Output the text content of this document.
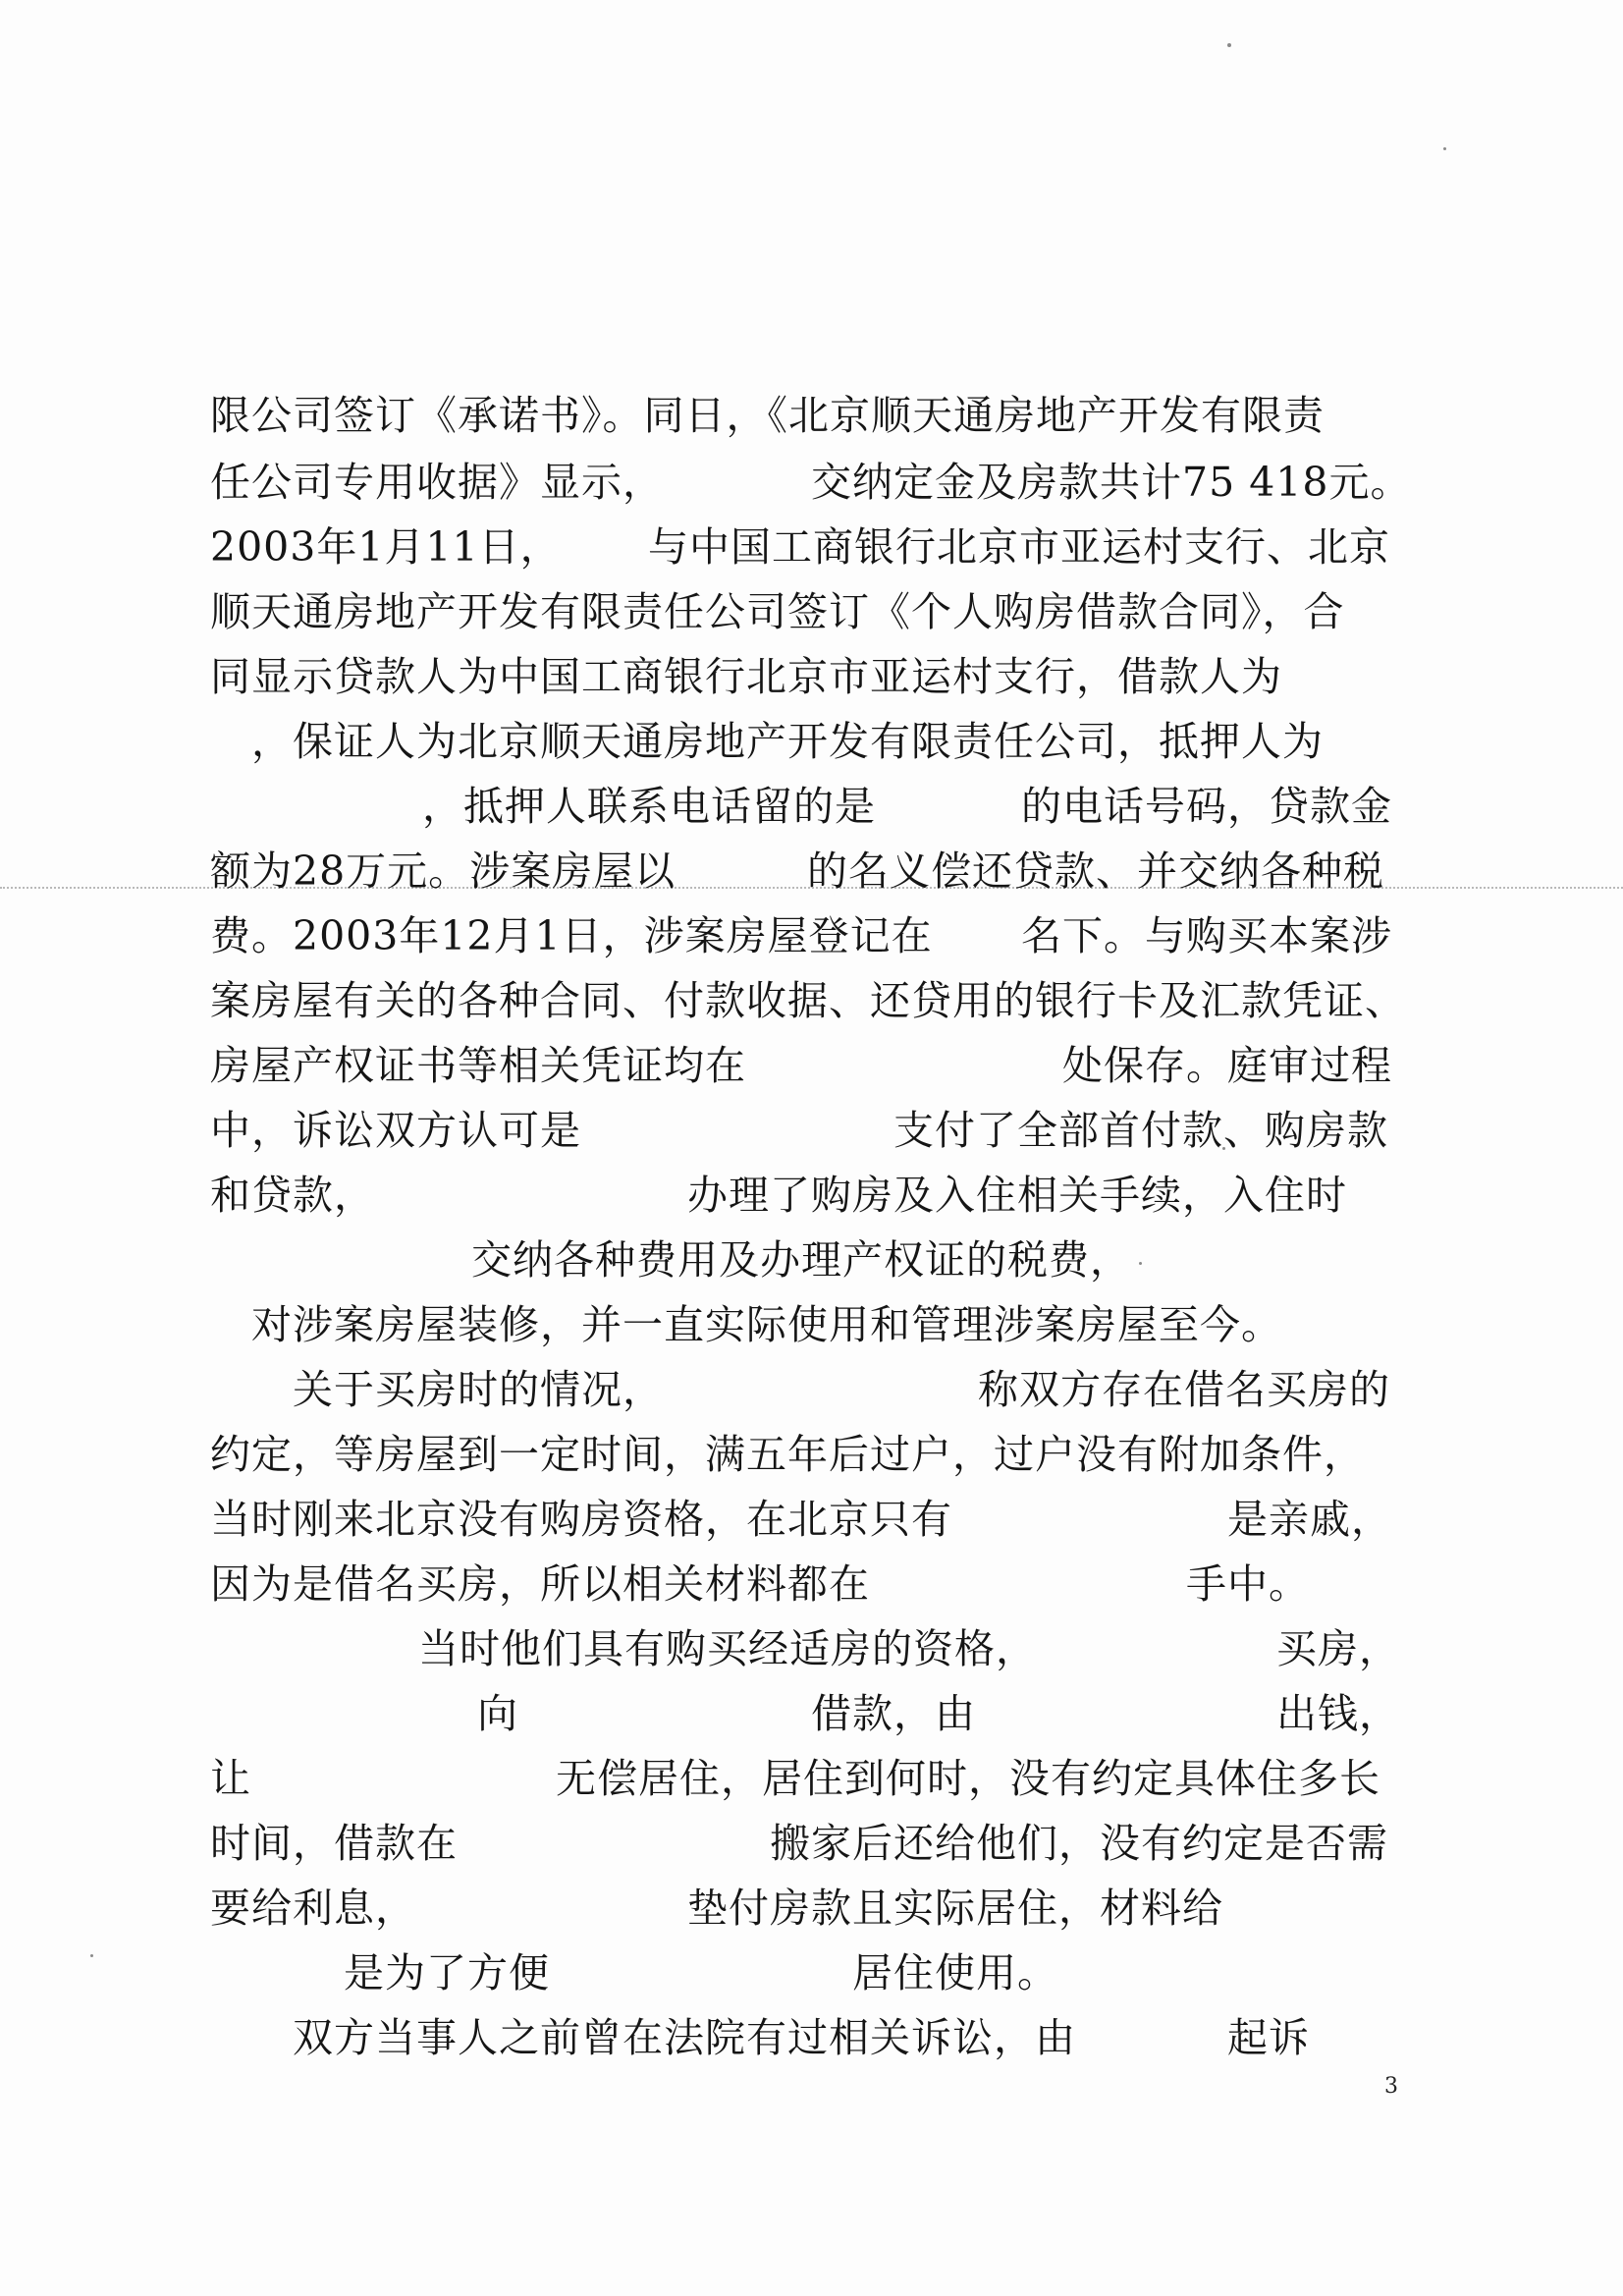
限公司签订《承诺书》。同日，《北京顺天通房地产开发有限责

任公司专用收据》显示，

	交纳定金及房款共计75 418元。

2003年1月11日，

与中国工商银行北京市亚运村支行、北京

顺天通房地产开发有限责任公司签订《个人购房借款合同》，合

同显示贷款人为中国工商银行北京市亚运村支行，借款人为

，保证人为北京顺天通房地产开发有限责任公司，抵押人为

，抵押人联系电话留的是

	的电话号码，贷款金

额为28万元。涉案房屋以

	的名义偿还贷款、并交纳各种税

费。2003年12月1日，涉案房屋登记在

名下。与购买本案涉

案房屋有关的各种合同、付款收据、还贷用的银行卡及汇款凭证、

房屋产权证书等相关凭证均在

	处保存。庭审过程

中，诉讼双方认可是

	支付了全部首付款、购房款

和贷款，

	办理了购房及入住相关手续，入住时

交纳各种费用及办理产权证的税费，

对涉案房屋装修，并一直实际使用和管理涉案房屋至今。

关于买房时的情况，

	称双方存在借名买房的

约定，等房屋到一定时间，满五年后过户，过户没有附加条件，

当时刚来北京没有购房资格，在北京只有

	是亲戚，

因为是借名买房，所以相关材料都在

	手中。

当时他们具有购买经适房的资格，

	买房，

向

	借款，由

	出钱，

让

	无偿居住，居住到何时，没有约定具体住多长

时间，借款在

	搬家后还给他们，没有约定是否需

要给利息，

	垫付房款且实际居住，材料给

是为了方便

	居住使用。

双方当事人之前曾在法院有过相关诉讼，由

	起诉

3
